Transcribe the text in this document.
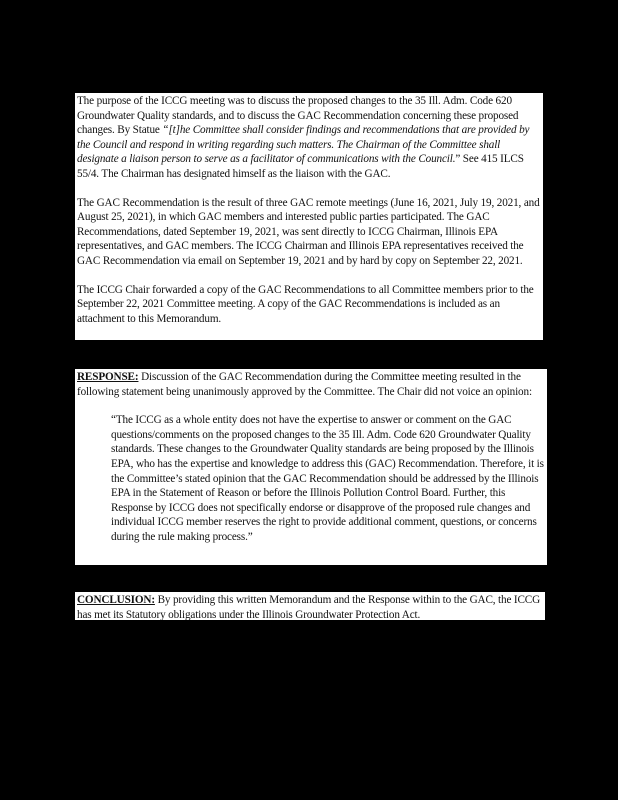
The purpose of the ICCG meeting was to discuss the proposed changes to the 35 Ill. Adm. Code 620 Groundwater Quality standards, and to discuss the GAC Recommendation concerning these proposed changes. By Statue “[t]he Committee shall consider findings and recommendations that are provided by the Council and respond in writing regarding such matters. The Chairman of the Committee shall designate a liaison person to serve as a facilitator of communications with the Council.” See 415 ILCS 55/4. The Chairman has designated himself as the liaison with the GAC.

The GAC Recommendation is the result of three GAC remote meetings (June 16, 2021, July 19, 2021, and August 25, 2021), in which GAC members and interested public parties participated. The GAC Recommendations, dated September 19, 2021, was sent directly to ICCG Chairman, Illinois EPA representatives, and GAC members. The ICCG Chairman and Illinois EPA representatives received the GAC Recommendation via email on September 19, 2021 and by hard by copy on September 22, 2021.

The ICCG Chair forwarded a copy of the GAC Recommendations to all Committee members prior to the September 22, 2021 Committee meeting. A copy of the GAC Recommendations is included as an attachment to this Memorandum.

RESPONSE: Discussion of the GAC Recommendation during the Committee meeting resulted in the following statement being unanimously approved by the Committee. The Chair did not voice an opinion:

“The ICCG as a whole entity does not have the expertise to answer or comment on the GAC questions/comments on the proposed changes to the 35 Ill. Adm. Code 620 Groundwater Quality standards. These changes to the Groundwater Quality standards are being proposed by the Illinois EPA, who has the expertise and knowledge to address this (GAC) Recommendation. Therefore, it is the Committee’s stated opinion that the GAC Recommendation should be addressed by the Illinois EPA in the Statement of Reason or before the Illinois Pollution Control Board. Further, this Response by ICCG does not specifically endorse or disapprove of the proposed rule changes and individual ICCG member reserves the right to provide additional comment, questions, or concerns during the rule making process.”

CONCLUSION: By providing this written Memorandum and the Response within to the GAC, the ICCG has met its Statutory obligations under the Illinois Groundwater Protection Act.
